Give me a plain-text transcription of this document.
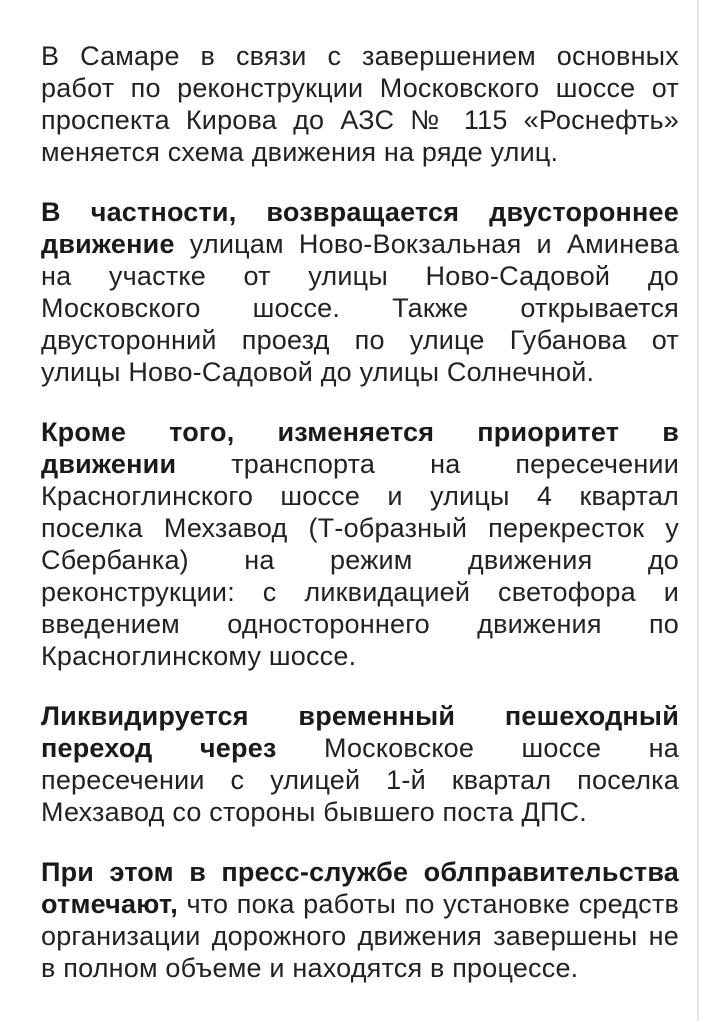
В Самаре в связи с завершением основных работ по реконструкции Московского шоссе от проспекта Кирова до АЗС № 115 «Роснефть» меняется схема движения на ряде улиц.

В частности, возвращается двустороннее движение улицам Ново-Вокзальная и Аминева на участке от улицы Ново-Садовой до Московского шоссе. Также открывается двусторонний проезд по улице Губанова от улицы Ново-Садовой до улицы Солнечной.

Кроме того, изменяется приоритет в движении транспорта на пересечении Красноглинского шоссе и улицы 4 квартал поселка Мехзавод (Т-образный перекресток у Сбербанка) на режим движения до реконструкции: с ликвидацией светофора и введением одностороннего движения по Красноглинскому шоссе.

Ликвидируется временный пешеходный переход через Московское шоссе на пересечении с улицей 1-й квартал поселка Мехзавод со стороны бывшего поста ДПС.

При этом в пресс-службе облправительства отмечают, что пока работы по установке средств организации дорожного движения завершены не в полном объеме и находятся в процессе.
